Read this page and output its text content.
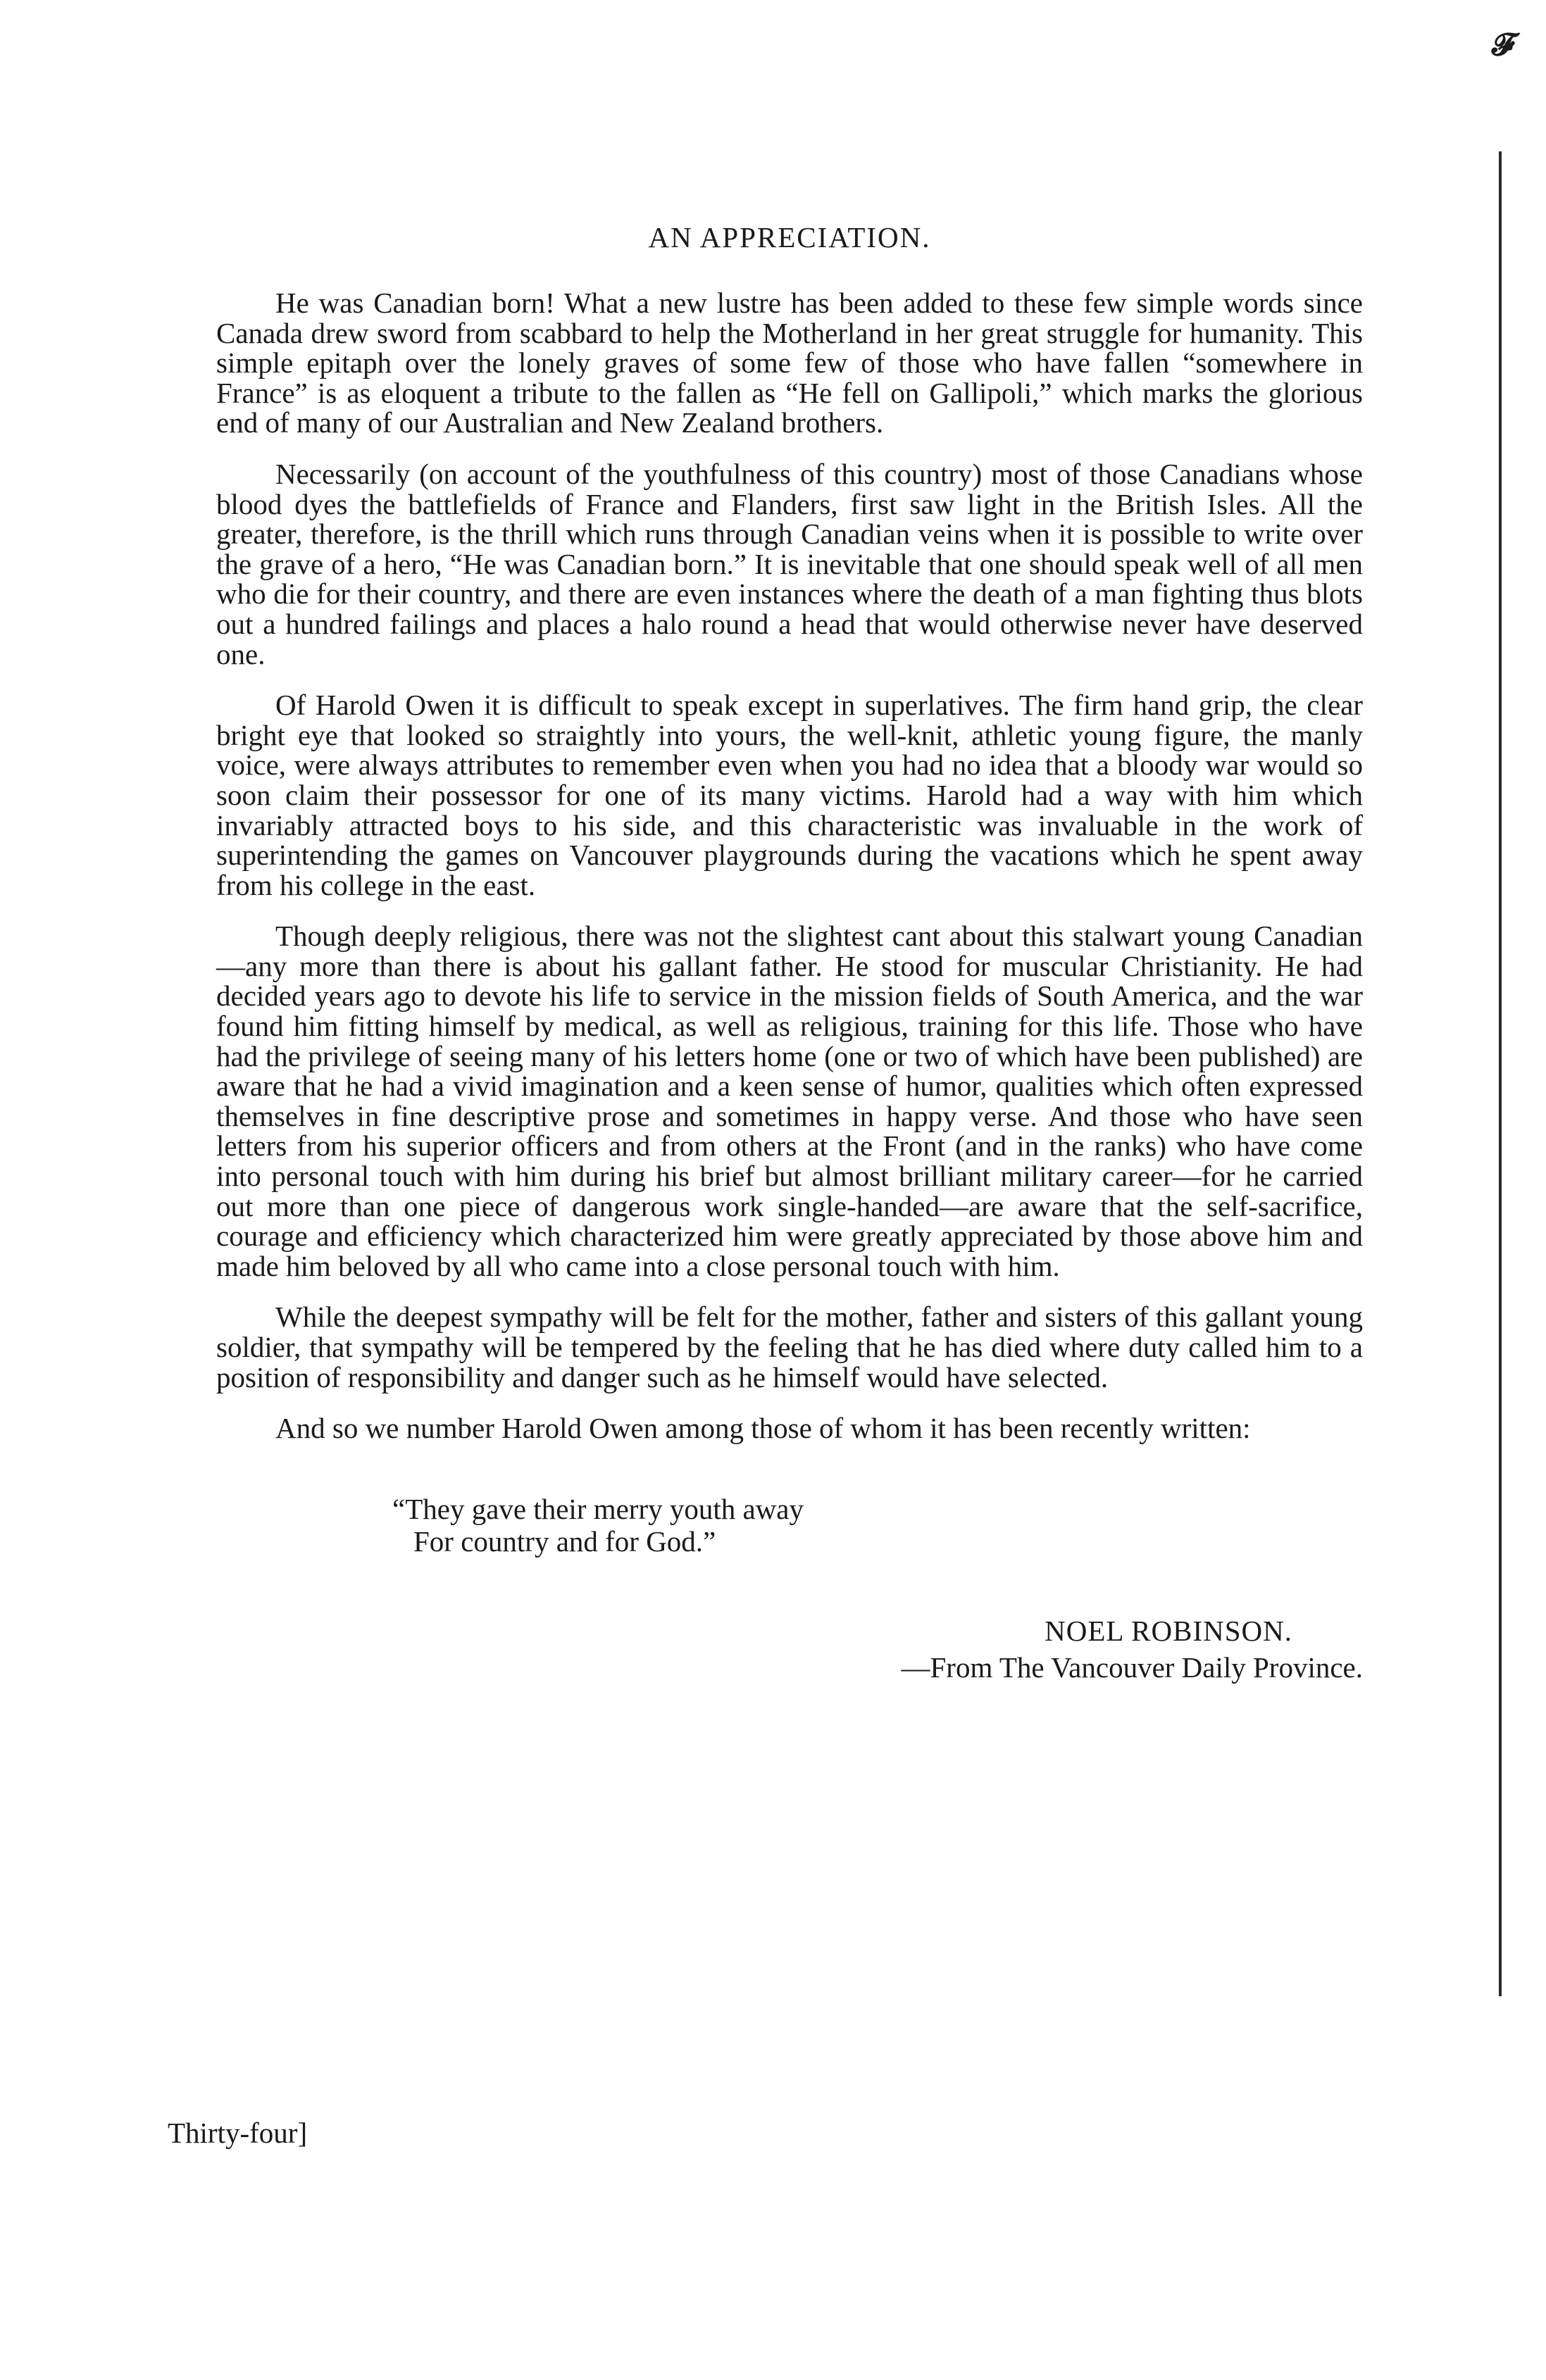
𝓕
AN APPRECIATION.

He was Canadian born! What a new lustre has been added to these few simple words since Canada drew sword from scabbard to help the Motherland in her great struggle for humanity. This simple epitaph over the lonely graves of some few of those who have fallen “somewhere in France” is as eloquent a tribute to the fallen as “He fell on Gallipoli,” which marks the glorious end of many of our Australian and New Zealand brothers.

Necessarily (on account of the youthfulness of this country) most of those Canadians whose blood dyes the battlefields of France and Flanders, first saw light in the British Isles. All the greater, therefore, is the thrill which runs through Canadian veins when it is possible to write over the grave of a hero, “He was Canadian born.” It is inevitable that one should speak well of all men who die for their country, and there are even instances where the death of a man fighting thus blots out a hundred failings and places a halo round a head that would otherwise never have deserved one.

Of Harold Owen it is difficult to speak except in superlatives. The firm hand grip, the clear bright eye that looked so straightly into yours, the well-knit, athletic young figure, the manly voice, were always attributes to remember even when you had no idea that a bloody war would so soon claim their possessor for one of its many victims. Harold had a way with him which invariably attracted boys to his side, and this characteristic was invaluable in the work of superintending the games on Vancouver playgrounds during the vacations which he spent away from his college in the east.

Though deeply religious, there was not the slightest cant about this stalwart young Canadian—any more than there is about his gallant father. He stood for muscular Christianity. He had decided years ago to devote his life to service in the mission fields of South America, and the war found him fitting himself by medical, as well as religious, training for this life. Those who have had the privilege of seeing many of his letters home (one or two of which have been published) are aware that he had a vivid imagination and a keen sense of humor, qualities which often expressed themselves in fine descriptive prose and sometimes in happy verse. And those who have seen letters from his superior officers and from others at the Front (and in the ranks) who have come into personal touch with him during his brief but almost brilliant military career—for he carried out more than one piece of dangerous work single-handed—are aware that the self-sacrifice, courage and efficiency which characterized him were greatly appreciated by those above him and made him beloved by all who came into a close personal touch with him.

While the deepest sympathy will be felt for the mother, father and sisters of this gallant young soldier, that sympathy will be tempered by the feeling that he has died where duty called him to a position of responsibility and danger such as he himself would have selected.

And so we number Harold Owen among those of whom it has been recently written:

“They gave their merry youth away
For country and for God.”
NOEL ROBINSON.
—From The Vancouver Daily Province.
Thirty-four]
